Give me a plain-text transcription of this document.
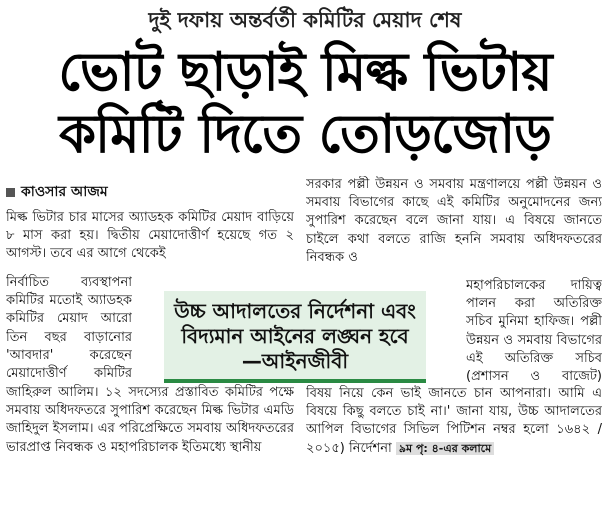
দুই দফায় অন্তর্বর্তী কমিটির মেয়াদ শেষ
ভোট ছাড়াই মিল্ক ভিটায়
কমিটি দিতে তোড়জোড়
কাওসার আজম

মিল্ক ভিটার চার মাসের অ্যাডহক কমিটির মেয়াদ বাড়িয়ে ৮ মাস করা হয়। দ্বিতীয় মেয়াদোত্তীর্ণ হয়েছে গত ২ আগস্ট। তবে এর আগে থেকেই

নির্বাচিত ব্যবস্থাপনা কমিটির মতোই অ্যাডহক কমিটির মেয়াদ আরো তিন বছর বাড়ানোর 'আবদার' করেছেন মেয়াদোত্তীর্ণ কমিটির

জাহিরুল আলিম। ১২ সদস্যের প্রস্তাবিত কমিটির পক্ষে সমবায় অধিদফতরে সুপারিশ করেছেন মিল্ক ভিটার এমডি জাহিদুল ইসলাম। এর পরিপ্রেক্ষিতে সমবায় অধিদফতরের ভারপ্রাপ্ত নিবন্ধক ও মহাপরিচালক ইতিমধ্যে স্থানীয়

সরকার পল্লী উন্নয়ন ও সমবায় মন্ত্রণালয়ে পল্লী উন্নয়ন ও সমবায় বিভাগের কাছে এই কমিটির অনুমোদনের জন্য সুপারিশ করেছেন বলে জানা যায়। এ বিষয়ে জানতে চাইলে কথা বলতে রাজি হননি সমবায় অধিদফতরের নিবন্ধক ও

মহাপরিচালকের দায়িত্ব পালন করা অতিরিক্ত সচিব মুনিমা হাফিজ। পল্লী উন্নয়ন ও সমবায় বিভাগের এই অতিরিক্ত সচিব (প্রশাসন ও বাজেট)

বিষয় নিয়ে কেন ভাই জানতে চান আপনারা। আমি এ বিষয়ে কিছু বলতে চাই না।' জানা যায়, উচ্চ আদালতের আপিল বিভাগের সিভিল পিটিশন নম্বর হলো ১৬৪২ /২০১৫) নির্দেশনা ৯ম পৃ: ৪-এর কলামে

উচ্চ আদালতের নির্দেশনা এবং বিদ্যমান আইনের লঙ্ঘন হবে —আইনজীবী
